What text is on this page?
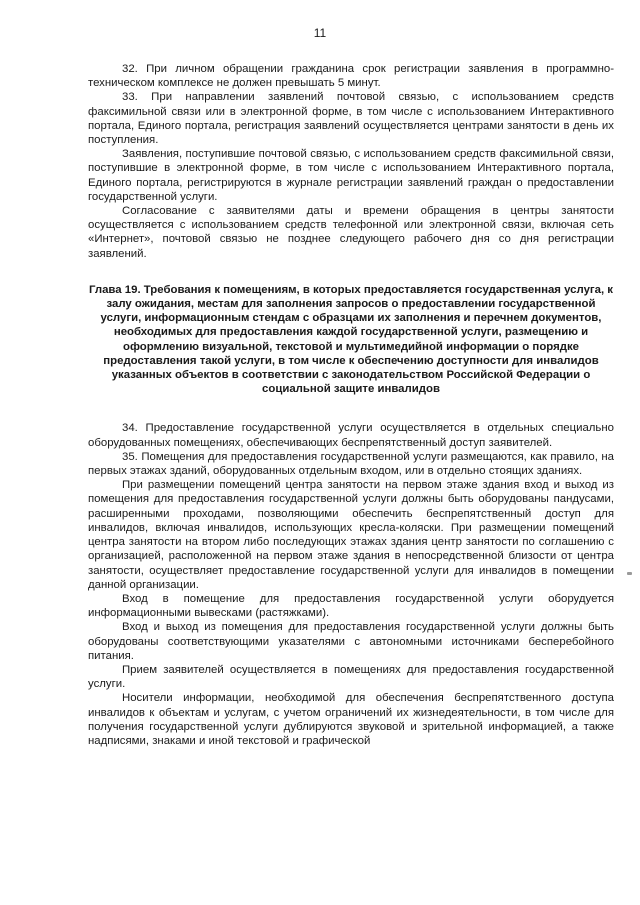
11

32. При личном обращении гражданина срок регистрации заявления в программно-техническом комплексе не должен превышать 5 минут.

33. При направлении заявлений почтовой связью, с использованием средств факсимильной связи или в электронной форме, в том числе с использованием Интерактивного портала, Единого портала, регистрация заявлений осуществляется центрами занятости в день их поступления.

Заявления, поступившие почтовой связью, с использованием средств факсимильной связи, поступившие в электронной форме, в том числе с использованием Интерактивного портала, Единого портала, регистрируются в журнале регистрации заявлений граждан о предоставлении государственной услуги.

Согласование с заявителями даты и времени обращения в центры занятости осуществляется с использованием средств телефонной или электронной связи, включая сеть «Интернет», почтовой связью не позднее следующего рабочего дня со дня регистрации заявлений.

Глава 19. Требования к помещениям, в которых предоставляется государственная услуга, к залу ожидания, местам для заполнения запросов о предоставлении государственной услуги, информационным стендам с образцами их заполнения и перечнем документов, необходимых для предоставления каждой государственной услуги, размещению и оформлению визуальной, текстовой и мультимедийной информации о порядке предоставления такой услуги, в том числе к обеспечению доступности для инвалидов указанных объектов в соответствии с законодательством Российской Федерации о социальной защите инвалидов

34. Предоставление государственной услуги осуществляется в отдельных специально оборудованных помещениях, обеспечивающих беспрепятственный доступ заявителей.

35. Помещения для предоставления государственной услуги размещаются, как правило, на первых этажах зданий, оборудованных отдельным входом, или в отдельно стоящих зданиях.

При размещении помещений центра занятости на первом этаже здания вход и выход из помещения для предоставления государственной услуги должны быть оборудованы пандусами, расширенными проходами, позволяющими обеспечить беспрепятственный доступ для инвалидов, включая инвалидов, использующих кресла-коляски. При размещении помещений центра занятости на втором либо последующих этажах здания центр занятости по соглашению с организацией, расположенной на первом этаже здания в непосредственной близости от центра занятости, осуществляет предоставление государственной услуги для инвалидов в помещении данной организации.

Вход в помещение для предоставления государственной услуги оборудуется информационными вывесками (растяжками).

Вход и выход из помещения для предоставления государственной услуги должны быть оборудованы соответствующими указателями с автономными источниками бесперебойного питания.

Прием заявителей осуществляется в помещениях для предоставления государственной услуги.

Носители информации, необходимой для обеспечения беспрепятственного доступа инвалидов к объектам и услугам, с учетом ограничений их жизнедеятельности, в том числе для получения государственной услуги дублируются звуковой и зрительной информацией, а также надписями, знаками и иной текстовой и графической
